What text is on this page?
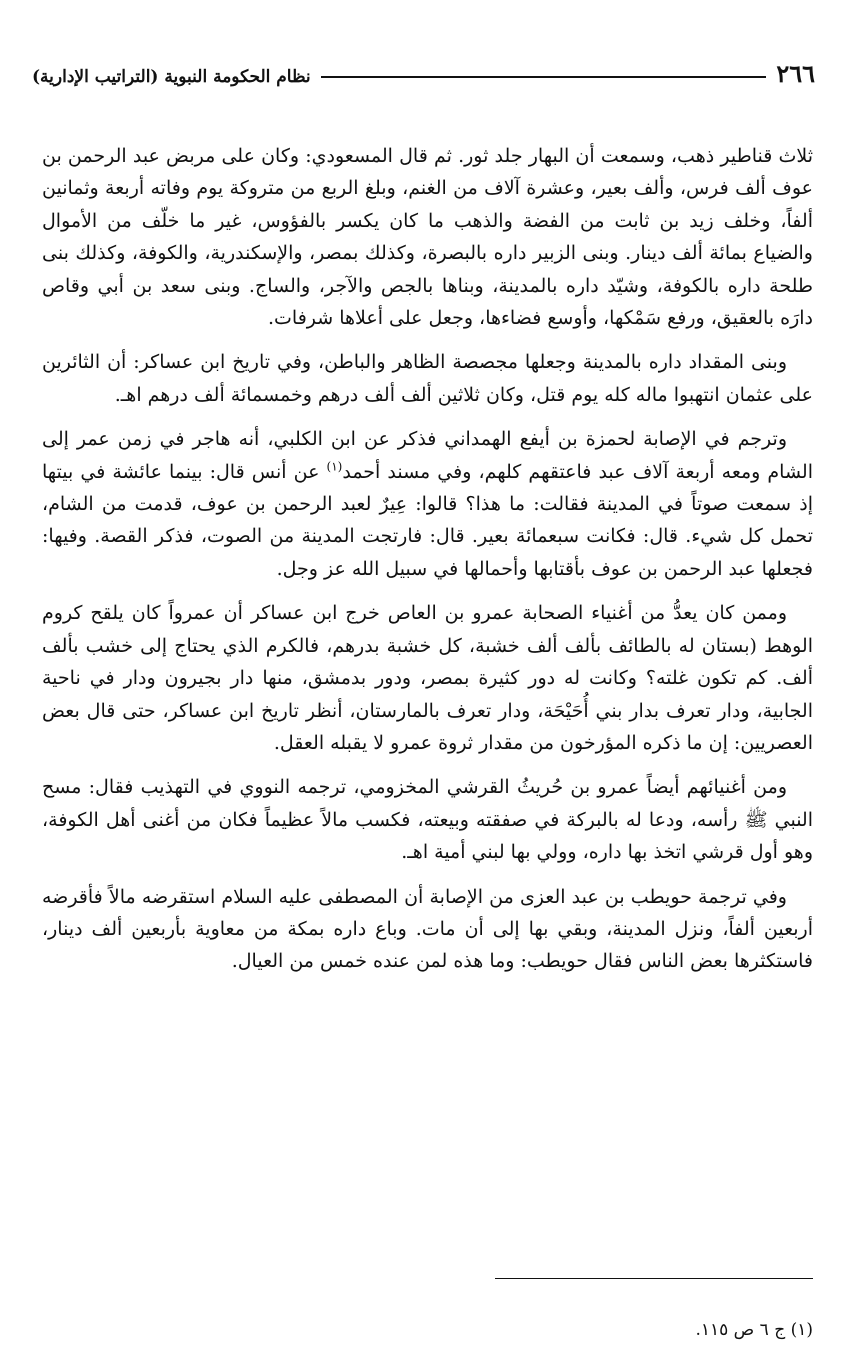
٢٦٦
نظام الحكومة النبوية (التراتيب الإدارية)

ثلاث قناطير ذهب، وسمعت أن البهار جلد ثور. ثم قال المسعودي: وكان على مربض عبد الرحمن بن عوف ألف فرس، وألف بعير، وعشرة آلاف من الغنم، وبلغ الربع من متروكة يوم وفاته أربعة وثمانين ألفاً، وخلف زيد بن ثابت من الفضة والذهب ما كان يكسر بالفؤوس، غير ما خلّف من الأموال والضياع بمائة ألف دينار. وبنى الزبير داره بالبصرة، وكذلك بمصر، والإسكندرية، والكوفة، وكذلك بنى طلحة داره بالكوفة، وشيّد داره بالمدينة، وبناها بالجص والآجر، والساج. وبنى سعد بن أبي وقاص دارَه بالعقيق، ورفع سَمْكها، وأوسع فضاءها، وجعل على أعلاها شرفات.

وبنى المقداد داره بالمدينة وجعلها مجصصة الظاهر والباطن، وفي تاريخ ابن عساكر: أن الثائرين على عثمان انتهبوا ماله كله يوم قتل، وكان ثلاثين ألف ألف درهم وخمسمائة ألف درهم اهـ.

وترجم في الإصابة لحمزة بن أيفع الهمداني فذكر عن ابن الكلبي، أنه هاجر في زمن عمر إلى الشام ومعه أربعة آلاف عبد فاعتقهم كلهم، وفي مسند أحمد$^{(١)}$ عن أنس قال: بينما عائشة في بيتها إذ سمعت صوتاً في المدينة فقالت: ما هذا؟ قالوا: عِيرٌ لعبد الرحمن بن عوف، قدمت من الشام، تحمل كل شيء. قال: فكانت سبعمائة بعير. قال: فارتجت المدينة من الصوت، فذكر القصة. وفيها: فجعلها عبد الرحمن بن عوف بأقتابها وأحمالها في سبيل الله عز وجل.

وممن كان يعدُّ من أغنياء الصحابة عمرو بن العاص خرج ابن عساكر أن عمرواً كان يلقح كروم الوهط (بستان له بالطائف بألف ألف خشبة، كل خشبة بدرهم، فالكرم الذي يحتاج إلى خشب بألف ألف. كم تكون غلته؟ وكانت له دور كثيرة بمصر، ودور بدمشق، منها دار بجيرون ودار في ناحية الجابية، ودار تعرف بدار بني أُحَيْحَة، ودار تعرف بالمارستان، أنظر تاريخ ابن عساكر، حتى قال بعض العصريين: إن ما ذكره المؤرخون من مقدار ثروة عمرو لا يقبله العقل.

ومن أغنيائهم أيضاً عمرو بن حُريثُ القرشي المخزومي، ترجمه النووي في التهذيب فقال: مسح النبي ﷺ رأسه، ودعا له بالبركة في صفقته وبيعته، فكسب مالاً عظيماً فكان من أغنى أهل الكوفة، وهو أول قرشي اتخذ بها داره، وولي بها لبني أمية اهـ.

وفي ترجمة حويطب بن عبد العزى من الإصابة أن المصطفى عليه السلام استقرضه مالاً فأقرضه أربعين ألفاً، ونزل المدينة، وبقي بها إلى أن مات. وباع داره بمكة من معاوية بأربعين ألف دينار، فاستكثرها بعض الناس فقال حويطب: وما هذه لمن عنده خمس من العيال.

(١) ج ٦ ص ١١٥.
